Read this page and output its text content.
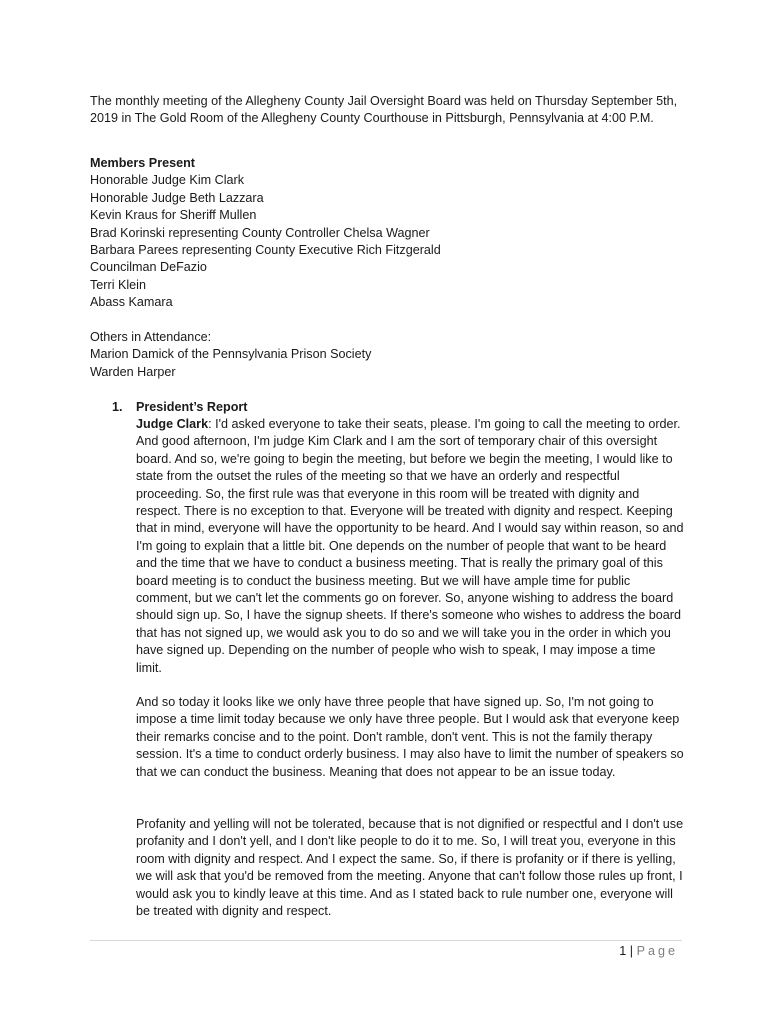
The monthly meeting of the Allegheny County Jail Oversight Board was held on Thursday September 5th, 2019 in The Gold Room of the Allegheny County Courthouse in Pittsburgh, Pennsylvania at 4:00 P.M.

Members Present
Honorable Judge Kim Clark
Honorable Judge Beth Lazzara
Kevin Kraus for Sheriff Mullen
Brad Korinski representing County Controller Chelsa Wagner
Barbara Parees representing County Executive Rich Fitzgerald
Councilman DeFazio
Terri Klein
Abass Kamara
Others in Attendance:
Marion Damick of the Pennsylvania Prison Society
Warden Harper
1. President’s Report

Judge Clark: I'd asked everyone to take their seats, please. I'm going to call the meeting to order. And good afternoon, I'm judge Kim Clark and I am the sort of temporary chair of this oversight board. And so, we're going to begin the meeting, but before we begin the meeting, I would like to state from the outset the rules of the meeting so that we have an orderly and respectful proceeding. So, the first rule was that everyone in this room will be treated with dignity and respect. There is no exception to that. Everyone will be treated with dignity and respect. Keeping that in mind, everyone will have the opportunity to be heard. And I would say within reason, so and I'm going to explain that a little bit. One depends on the number of people that want to be heard and the time that we have to conduct a business meeting. That is really the primary goal of this board meeting is to conduct the business meeting. But we will have ample time for public comment, but we can't let the comments go on forever. So, anyone wishing to address the board should sign up. So, I have the signup sheets. If there's someone who wishes to address the board that has not signed up, we would ask you to do so and we will take you in the order in which you have signed up. Depending on the number of people who wish to speak, I may impose a time limit.

And so today it looks like we only have three people that have signed up. So, I'm not going to impose a time limit today because we only have three people. But I would ask that everyone keep their remarks concise and to the point. Don't ramble, don't vent. This is not the family therapy session. It's a time to conduct orderly business. I may also have to limit the number of speakers so that we can conduct the business. Meaning that does not appear to be an issue today.

Profanity and yelling will not be tolerated, because that is not dignified or respectful and I don't use profanity and I don't yell, and I don't like people to do it to me. So, I will treat you, everyone in this room with dignity and respect. And I expect the same. So, if there is profanity or if there is yelling, we will ask that you'd be removed from the meeting. Anyone that can't follow those rules up front, I would ask you to kindly leave at this time. And as I stated back to rule number one, everyone will be treated with dignity and respect.

1 | Page
